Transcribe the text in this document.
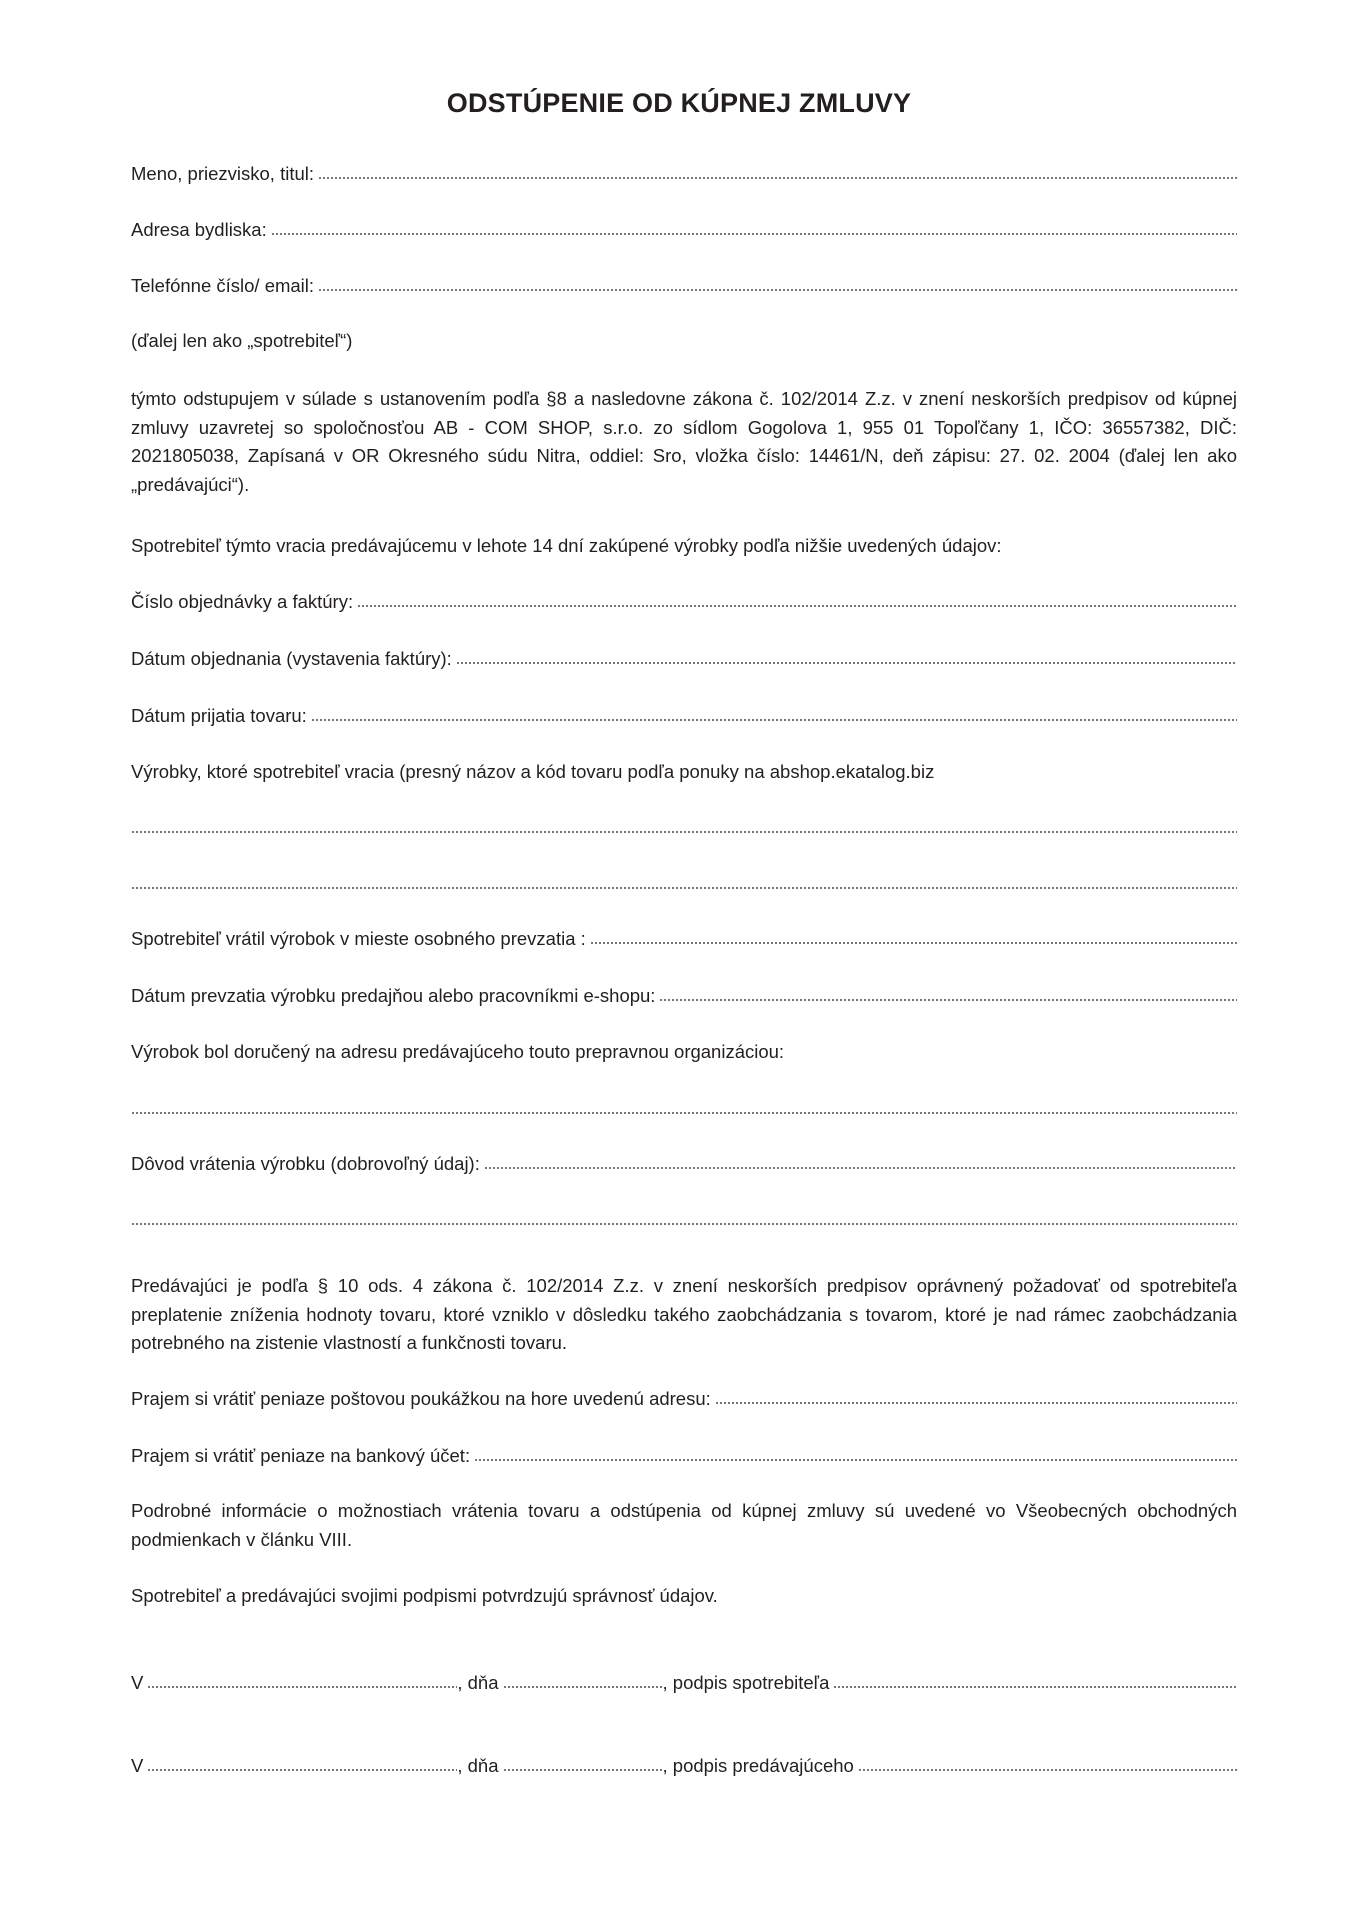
ODSTÚPENIE OD KÚPNEJ ZMLUVY
Meno, priezvisko, titul:
Adresa bydliska:
Telefónne číslo/ email:
(ďalej len ako „spotrebiteľ“)
týmto odstupujem v súlade s ustanovením podľa §8 a nasledovne zákona č. 102/2014 Z.z. v znení neskorších predpisov od kúpnej zmluvy uzavretej so spoločnosťou AB - COM SHOP, s.r.o. zo sídlom Gogolova 1, 955 01 Topoľčany 1, IČO: 36557382, DIČ: 2021805038, Zapísaná v OR Okresného súdu Nitra, oddiel: Sro, vložka číslo: 14461/N, deň zápisu: 27. 02. 2004 (ďalej len ako „predávajúci“).
Spotrebiteľ týmto vracia predávajúcemu v lehote 14 dní zakúpené výrobky podľa nižšie uvedených údajov:
Číslo objednávky a faktúry:
Dátum objednania (vystavenia faktúry):
Dátum prijatia tovaru:
Výrobky, ktoré spotrebiteľ vracia (presný názov a kód tovaru podľa ponuky na abshop.ekatalog.biz
Spotrebiteľ vrátil výrobok v mieste osobného prevzatia :
Dátum prevzatia výrobku predajňou alebo pracovníkmi e-shopu:
Výrobok bol doručený na adresu predávajúceho touto prepravnou organizáciou:
Dôvod vrátenia výrobku (dobrovoľný údaj):
Predávajúci je podľa § 10 ods. 4 zákona č. 102/2014 Z.z. v znení neskorších predpisov oprávnený požadovať od spotrebiteľa preplatenie zníženia hodnoty tovaru, ktoré vzniklo v dôsledku takého zaobchádzania s tovarom, ktoré je nad rámec zaobchádzania potrebného na zistenie vlastností a funkčnosti tovaru.
Prajem si vrátiť peniaze poštovou poukážkou na hore uvedenú adresu:
Prajem si vrátiť peniaze na bankový účet:
Podrobné informácie o možnostiach vrátenia tovaru a odstúpenia od kúpnej zmluvy sú uvedené vo Všeobecných obchodných podmienkach v článku VIII.
Spotrebiteľ a predávajúci svojimi podpismi potvrdzujú správnosť údajov.
V	, dňa	, podpis spotrebiteľa
V	, dňa	, podpis predávajúceho
